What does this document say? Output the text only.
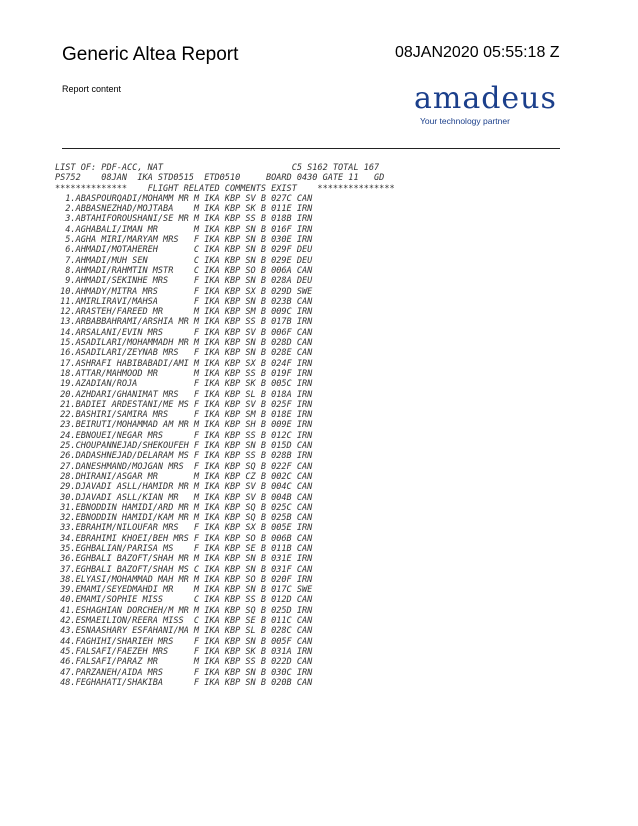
Generic Altea Report	08JAN2020 05:55:18 Z
Report content	amadeus
Your technology partner
LIST OF: PDF-ACC, NAT                         C5 S162 TOTAL 167
PS752    08JAN  IKA STD0515  ETD0510     BOARD 0430 GATE 11   GD
**************    FLIGHT RELATED COMMENTS EXIST    ***************
1.ABASPOURQADI/MOHAMM MR M IKA KBP SV B 027C CAN
2.ABBASNEZHAD/MOJTABA    M IKA KBP SK B 011E IRN
3.ABTAHIFOROUSHANI/SE MR M IKA KBP SS B 018B IRN
4.AGHABALI/IMAN MR       M IKA KBP SN B 016F IRN
5.AGHA MIRI/MARYAM MRS   F IKA KBP SN B 030E IRN
6.AHMADI/MOTAHEREH       C IKA KBP SN B 029F DEU
7.AHMADI/MUH SEN         C IKA KBP SN B 029E DEU
8.AHMADI/RAHMTIN MSTR    C IKA KBP SO B 006A CAN
9.AHMADI/SEKINHE MRS     F IKA KBP SN B 028A DEU
10.AHMADY/MITRA MRS       F IKA KBP SX B 029D SWE
11.AMIRLIRAVI/MAHSA       F IKA KBP SN B 023B CAN
12.ARASTEH/FAREED MR      M IKA KBP SM B 009C IRN
13.ARBABBAHRAMI/ARSHIA MR M IKA KBP SS B 017B IRN
14.ARSALANI/EVIN MRS      F IKA KBP SV B 006F CAN
15.ASADILARI/MOHAMMADH MR M IKA KBP SN B 028D CAN
16.ASADILARI/ZEYNAB MRS   F IKA KBP SN B 028E CAN
17.ASHRAFI HABIBABADI/AMI M IKA KBP SX B 024F IRN
18.ATTAR/MAHMOOD MR       M IKA KBP SS B 019F IRN
19.AZADIAN/ROJA           F IKA KBP SK B 005C IRN
20.AZHDARI/GHANIMAT MRS   F IKA KBP SL B 018A IRN
21.BADIEI ARDESTANI/ME MS F IKA KBP SV B 025F IRN
22.BASHIRI/SAMIRA MRS     F IKA KBP SM B 018E IRN
23.BEIRUTI/MOHAMMAD AM MR M IKA KBP SH B 009E IRN
24.EBNOUEI/NEGAR MRS      F IKA KBP SS B 012C IRN
25.CHOUPANNEJAD/SHEKOUFEH F IKA KBP SN B 015D CAN
26.DADASHNEJAD/DELARAM MS F IKA KBP SS B 028B IRN
27.DANESHMAND/MOJGAN MRS  F IKA KBP SQ B 022F CAN
28.DHIRANI/ASGAR MR       M IKA KBP CZ B 002C CAN
29.DJAVADI ASLL/HAMIDR MR M IKA KBP SV B 004C CAN
30.DJAVADI ASLL/KIAN MR   M IKA KBP SV B 004B CAN
31.EBNODDIN HAMIDI/ARD MR M IKA KBP SQ B 025C CAN
32.EBNODDIN HAMIDI/KAM MR M IKA KBP SQ B 025B CAN
33.EBRAHIM/NILOUFAR MRS   F IKA KBP SX B 005E IRN
34.EBRAHIMI KHOEI/BEH MRS F IKA KBP SO B 006B CAN
35.EGHBALIAN/PARISA MS    F IKA KBP SE B 011B CAN
36.EGHBALI BAZOFT/SHAH MR M IKA KBP SN B 031E IRN
37.EGHBALI BAZOFT/SHAH MS C IKA KBP SN B 031F CAN
38.ELYASI/MOHAMMAD MAH MR M IKA KBP SO B 020F IRN
39.EMAMI/SEYEDMAHDI MR    M IKA KBP SN B 017C SWE
40.EMAMI/SOPHIE MISS      C IKA KBP SS B 012D CAN
41.ESHAGHIAN DORCHEH/M MR M IKA KBP SQ B 025D IRN
42.ESMAEILION/REERA MISS  C IKA KBP SE B 011C CAN
43.ESNAASHARY ESFAHANI/MA M IKA KBP SL B 028C CAN
44.FAGHIHI/SHARIEH MRS    F IKA KBP SN B 005F CAN
45.FALSAFI/FAEZEH MRS     F IKA KBP SK B 031A IRN
46.FALSAFI/PARAZ MR       M IKA KBP SS B 022D CAN
47.PARZANEH/AIDA MRS      F IKA KBP SN B 030C IRN
48.FEGHAHATI/SHAKIBA      F IKA KBP SN B 020B CAN
